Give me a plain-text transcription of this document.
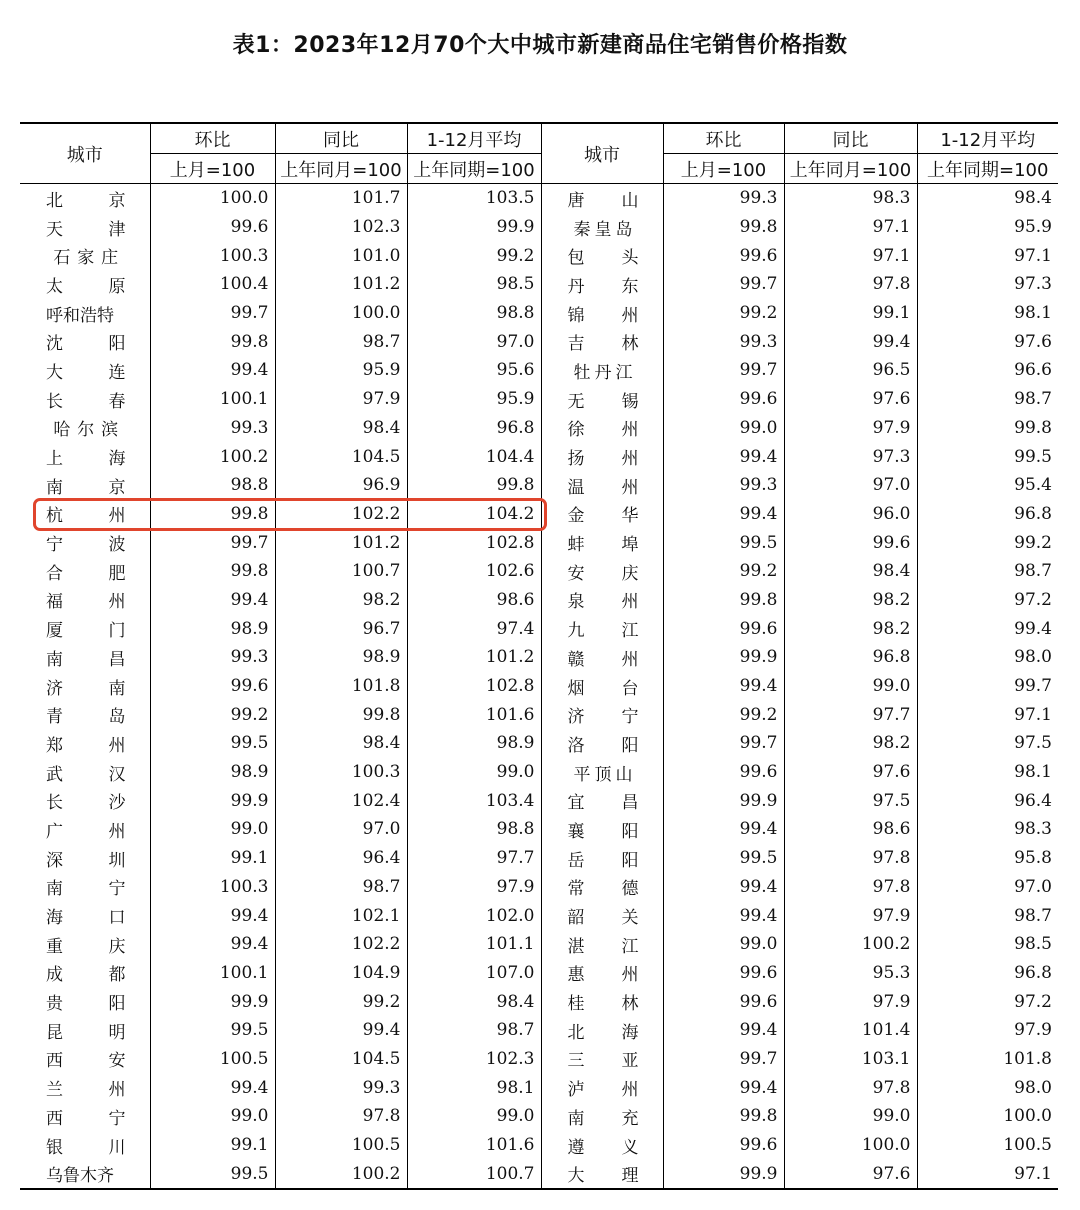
表1：2023年12月70个大中城市新建商品住宅销售价格指数
城市	环比	同比	1-12月平均	城市	环比	同比	1-12月平均
	上月=100	上年同月=100	上年同期=100		上月=100	上年同月=100	上年同期=100

北 京	100.0	101.7	103.5	唐 山	99.3	98.3	98.4

天 津	99.6	102.3	99.9	秦 皇 岛	99.8	97.1	95.9

石 家 庄	100.3	101.0	99.2	包 头	99.6	97.1	97.1

太 原	100.4	101.2	98.5	丹 东	99.7	97.8	97.3

呼和浩特	99.7	100.0	98.8	锦 州	99.2	99.1	98.1

沈 阳	99.8	98.7	97.0	吉 林	99.3	99.4	97.6

大 连	99.4	95.9	95.6	牡 丹 江	99.7	96.5	96.6

长 春	100.1	97.9	95.9	无 锡	99.6	97.6	98.7

哈 尔 滨	99.3	98.4	96.8	徐 州	99.0	97.9	99.8

上 海	100.2	104.5	104.4	扬 州	99.4	97.3	99.5

南 京	98.8	96.9	99.8	温 州	99.3	97.0	95.4

杭 州	99.8	102.2	104.2	金 华	99.4	96.0	96.8

宁 波	99.7	101.2	102.8	蚌 埠	99.5	99.6	99.2

合 肥	99.8	100.7	102.6	安 庆	99.2	98.4	98.7

福 州	99.4	98.2	98.6	泉 州	99.8	98.2	97.2

厦 门	98.9	96.7	97.4	九 江	99.6	98.2	99.4

南 昌	99.3	98.9	101.2	赣 州	99.9	96.8	98.0

济 南	99.6	101.8	102.8	烟 台	99.4	99.0	99.7

青 岛	99.2	99.8	101.6	济 宁	99.2	97.7	97.1

郑 州	99.5	98.4	98.9	洛 阳	99.7	98.2	97.5

武 汉	98.9	100.3	99.0	平 顶 山	99.6	97.6	98.1

长 沙	99.9	102.4	103.4	宜 昌	99.9	97.5	96.4

广 州	99.0	97.0	98.8	襄 阳	99.4	98.6	98.3

深 圳	99.1	96.4	97.7	岳 阳	99.5	97.8	95.8

南 宁	100.3	98.7	97.9	常 德	99.4	97.8	97.0

海 口	99.4	102.1	102.0	韶 关	99.4	97.9	98.7

重 庆	99.4	102.2	101.1	湛 江	99.0	100.2	98.5

成 都	100.1	104.9	107.0	惠 州	99.6	95.3	96.8

贵 阳	99.9	99.2	98.4	桂 林	99.6	97.9	97.2

昆 明	99.5	99.4	98.7	北 海	99.4	101.4	97.9

西 安	100.5	104.5	102.3	三 亚	99.7	103.1	101.8

兰 州	99.4	99.3	98.1	泸 州	99.4	97.8	98.0

西 宁	99.0	97.8	99.0	南 充	99.8	99.0	100.0

银 川	99.1	100.5	101.6	遵 义	99.6	100.0	100.5

乌鲁木齐	99.5	100.2	100.7	大 理	99.9	97.6	97.1
